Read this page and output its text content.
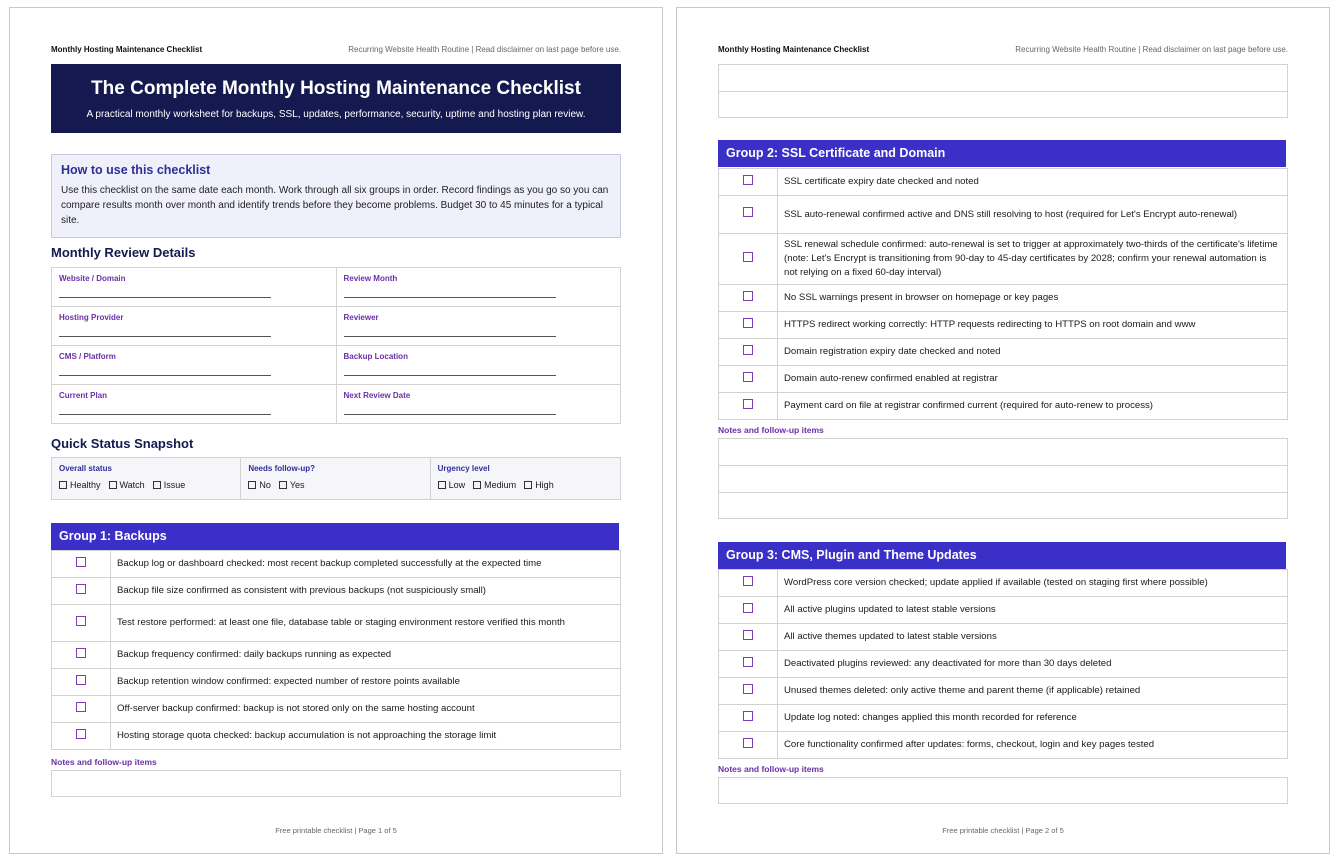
Monthly Hosting Maintenance Checklist	Recurring Website Health Routine | Read disclaimer on last page before use.
The Complete Monthly Hosting Maintenance Checklist
A practical monthly worksheet for backups, SSL, updates, performance, security, uptime and hosting plan review.
How to use this checklist
Use this checklist on the same date each month. Work through all six groups in order. Record findings as you go so you can compare results month over month and identify trends before they become problems. Budget 30 to 45 minutes for a typical site.
Monthly Review Details
Website / Domain	Review Month

Hosting Provider	Reviewer

CMS / Platform	Backup Location

Current Plan	Next Review Date
Quick Status Snapshot
Overall status
Healthy	Watch	Issue
Needs follow-up?
No	Yes
Urgency level
Low	Medium	High
Group 1: Backups
	Backup log or dashboard checked: most recent backup completed successfully at the expected time
	Backup file size confirmed as consistent with previous backups (not suspiciously small)
	Test restore performed: at least one file, database table or staging environment restore verified this month
	Backup frequency confirmed: daily backups running as expected
	Backup retention window confirmed: expected number of restore points available
	Off-server backup confirmed: backup is not stored only on the same hosting account
	Hosting storage quota checked: backup accumulation is not approaching the storage limit
Notes and follow-up items
Free printable checklist | Page 1 of 5
Monthly Hosting Maintenance Checklist	Recurring Website Health Routine | Read disclaimer on last page before use.
Group 2: SSL Certificate and Domain
	SSL certificate expiry date checked and noted
	SSL auto-renewal confirmed active and DNS still resolving to host (required for Let's Encrypt auto-renewal)
	SSL renewal schedule confirmed: auto-renewal is set to trigger at approximately two-thirds of the certificate's lifetime (note: Let's Encrypt is transitioning from 90-day to 45-day certificates by 2028; confirm your renewal automation is not relying on a fixed 60-day interval)
	No SSL warnings present in browser on homepage or key pages
	HTTPS redirect working correctly: HTTP requests redirecting to HTTPS on root domain and www
	Domain registration expiry date checked and noted
	Domain auto-renew confirmed enabled at registrar
	Payment card on file at registrar confirmed current (required for auto-renew to process)
Notes and follow-up items
Group 3: CMS, Plugin and Theme Updates
	WordPress core version checked; update applied if available (tested on staging first where possible)
	All active plugins updated to latest stable versions
	All active themes updated to latest stable versions
	Deactivated plugins reviewed: any deactivated for more than 30 days deleted
	Unused themes deleted: only active theme and parent theme (if applicable) retained
	Update log noted: changes applied this month recorded for reference
	Core functionality confirmed after updates: forms, checkout, login and key pages tested
Notes and follow-up items
Free printable checklist | Page 2 of 5
